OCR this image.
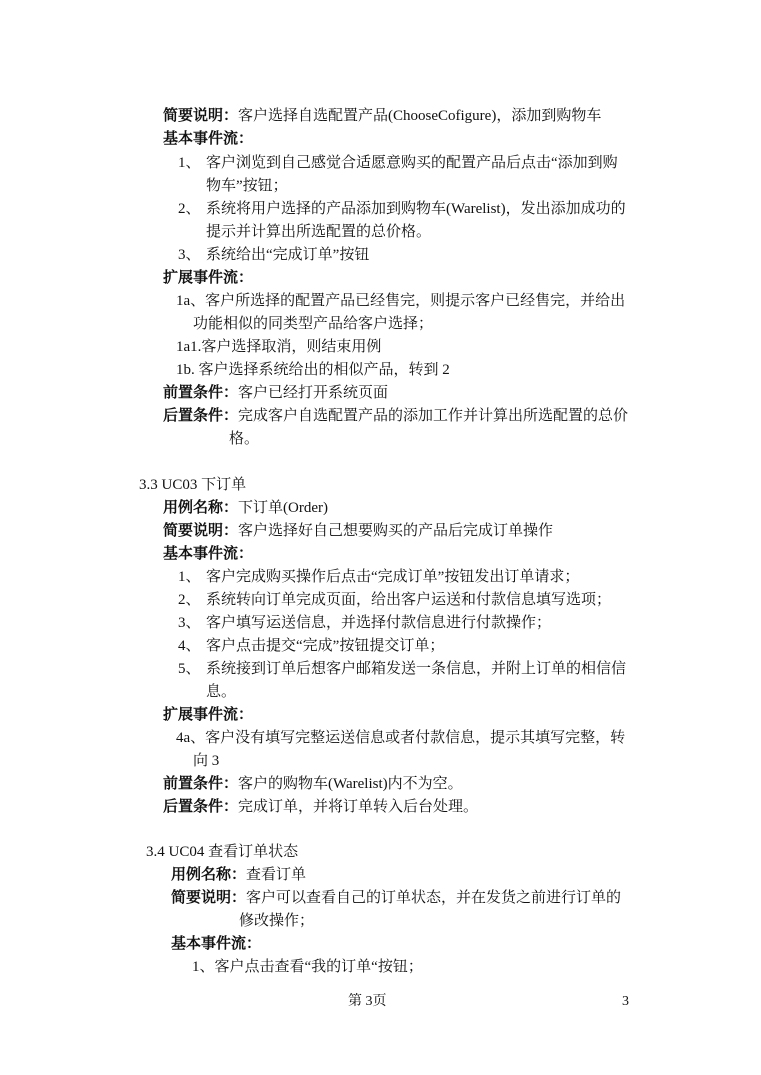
简要说明：客户选择自选配置产品(ChooseCofigure)，添加到购物车
基本事件流：
1、 客户浏览到自己感觉合适愿意购买的配置产品后点击“添加到购
物车”按钮；
2、 系统将用户选择的产品添加到购物车(Warelist)，发出添加成功的
提示并计算出所选配置的总价格。
3、 系统给出“完成订单”按钮
扩展事件流：
1a、客户所选择的配置产品已经售完，则提示客户已经售完，并给出
功能相似的同类型产品给客户选择；
1a1.客户选择取消，则结束用例
1b. 客户选择系统给出的相似产品，转到 2
前置条件：客户已经打开系统页面
后置条件：完成客户自选配置产品的添加工作并计算出所选配置的总价
格。
3.3 UC03 下订单
用例名称：下订单(Order)
简要说明：客户选择好自己想要购买的产品后完成订单操作
基本事件流：
1、 客户完成购买操作后点击“完成订单”按钮发出订单请求；
2、 系统转向订单完成页面，给出客户运送和付款信息填写选项；
3、 客户填写运送信息，并选择付款信息进行付款操作；
4、 客户点击提交“完成”按钮提交订单；
5、 系统接到订单后想客户邮箱发送一条信息，并附上订单的相信信
息。
扩展事件流：
4a、客户没有填写完整运送信息或者付款信息，提示其填写完整，转
向 3
前置条件：客户的购物车(Warelist)内不为空。
后置条件：完成订单，并将订单转入后台处理。
3.4 UC04 查看订单状态
用例名称：查看订单
简要说明：客户可以查看自己的订单状态，并在发货之前进行订单的
修改操作；
基本事件流：
1、客户点击查看“我的订单“按钮；
第 3页	3
